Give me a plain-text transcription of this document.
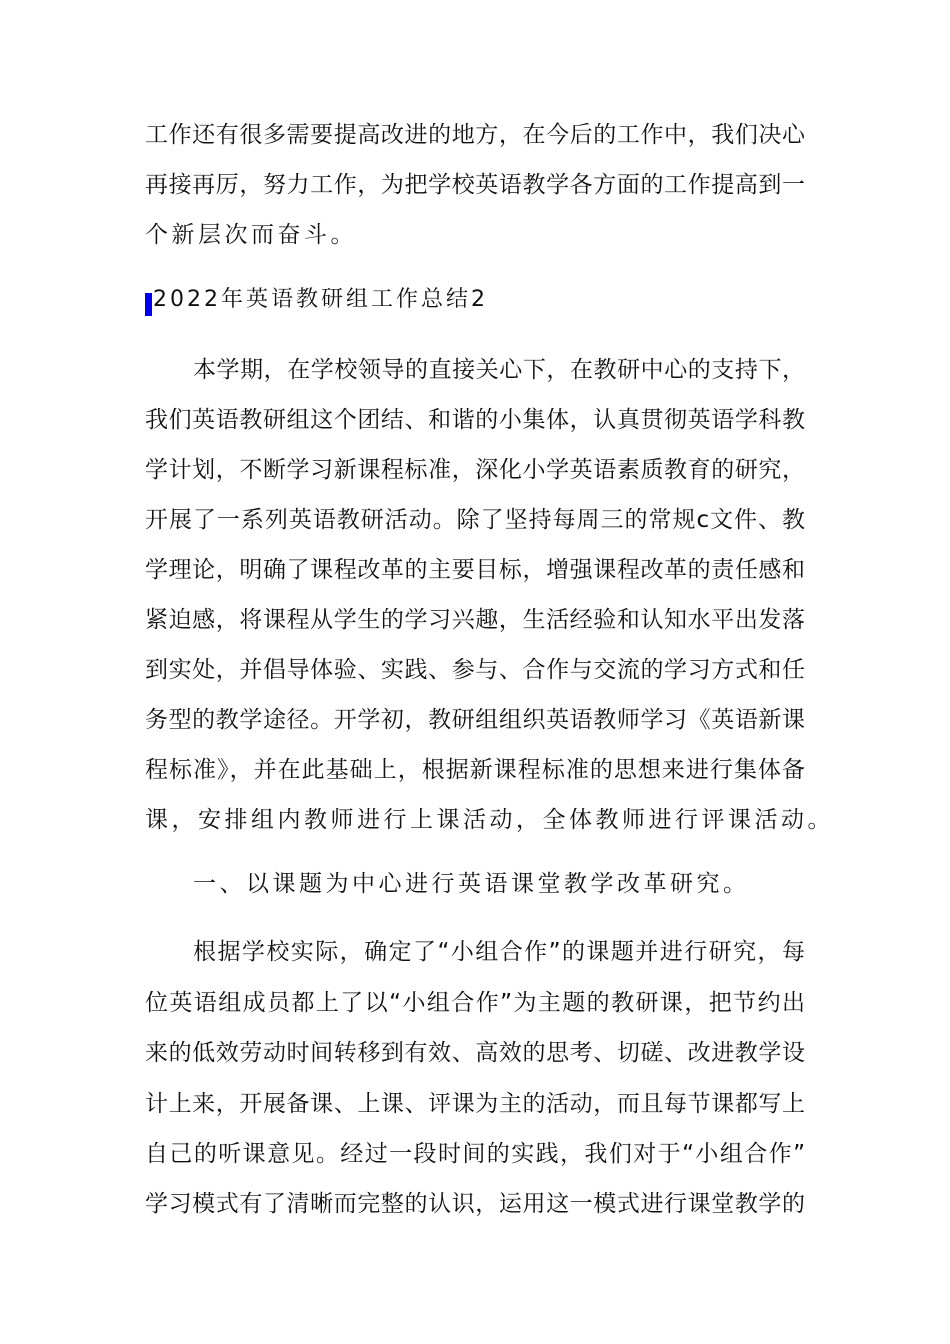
工作还有很多需要提高改进的地方，在今后的工作中，我们决心
再接再厉，努力工作，为把学校英语教学各方面的工作提高到一
个新层次而奋斗。
2022年英语教研组工作总结2
本学期，在学校领导的直接关心下，在教研中心的支持下，
我们英语教研组这个团结、和谐的小集体，认真贯彻英语学科教
学计划，不断学习新课程标准，深化小学英语素质教育的研究，
开展了一系列英语教研活动。除了坚持每周三的常规c文件、教
学理论，明确了课程改革的主要目标，增强课程改革的责任感和
紧迫感，将课程从学生的学习兴趣，生活经验和认知水平出发落
到实处，并倡导体验、实践、参与、合作与交流的学习方式和任
务型的教学途径。开学初，教研组组织英语教师学习《英语新课
程标准》，并在此基础上，根据新课程标准的思想来进行集体备
课，安排组内教师进行上课活动，全体教师进行评课活动。
一、以课题为中心进行英语课堂教学改革研究。
根据学校实际，确定了“小组合作”的课题并进行研究，每
位英语组成员都上了以“小组合作”为主题的教研课，把节约出
来的低效劳动时间转移到有效、高效的思考、切磋、改进教学设
计上来，开展备课、上课、评课为主的活动，而且每节课都写上
自己的听课意见。经过一段时间的实践，我们对于“小组合作”
学习模式有了清晰而完整的认识，运用这一模式进行课堂教学的
